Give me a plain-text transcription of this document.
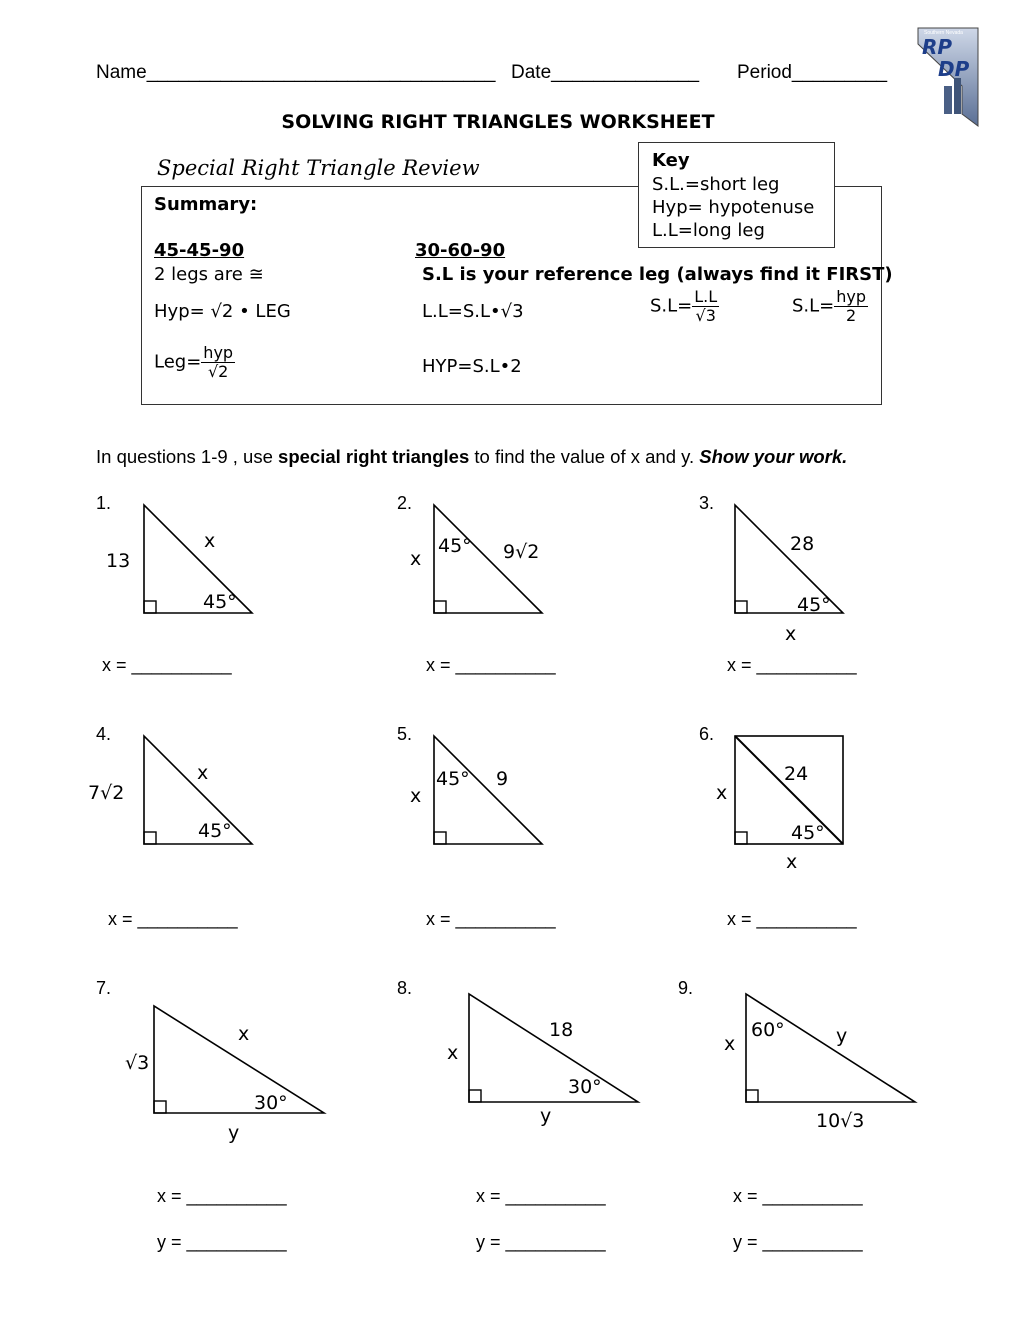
Name_________________________________ Date______________ Period_________
Southern Nevada
RP
DP
SOLVING RIGHT TRIANGLES WORKSHEET
Special Right Triangle Review	Key
S.L.=short leg
Hyp= hypotenuse
L.L=long leg
Summary:
45-45-90
2 legs are ≅
Hyp= √2 • LEG
$Leg= \frac{\text{hyp}}{√2}$
30-60-90
S.L is your reference leg (always find it FIRST)
L.L=S.L•√3
HYP=S.L•2
$S.L= \frac{L.L}{√3}$	$S.L= \frac{\text{hyp}}{2}$
In questions 1-9 , use special right triangles to find the value of x and y. Show your work.
1.
x
13
45°
x = __________
2.
x
45° 9√2
x = __________
3.
28
45°
x
x = __________
4.
x
7√2
45°
x = __________
5.
x
45° 9
x = __________
6.
x
24
45°
x
x = __________
7.
√3
x
30°
y
x = __________
y = __________
8.
x
18
30°
y
x = __________
y = __________
9.
x
60°	y
10√3
x = __________
y = __________
